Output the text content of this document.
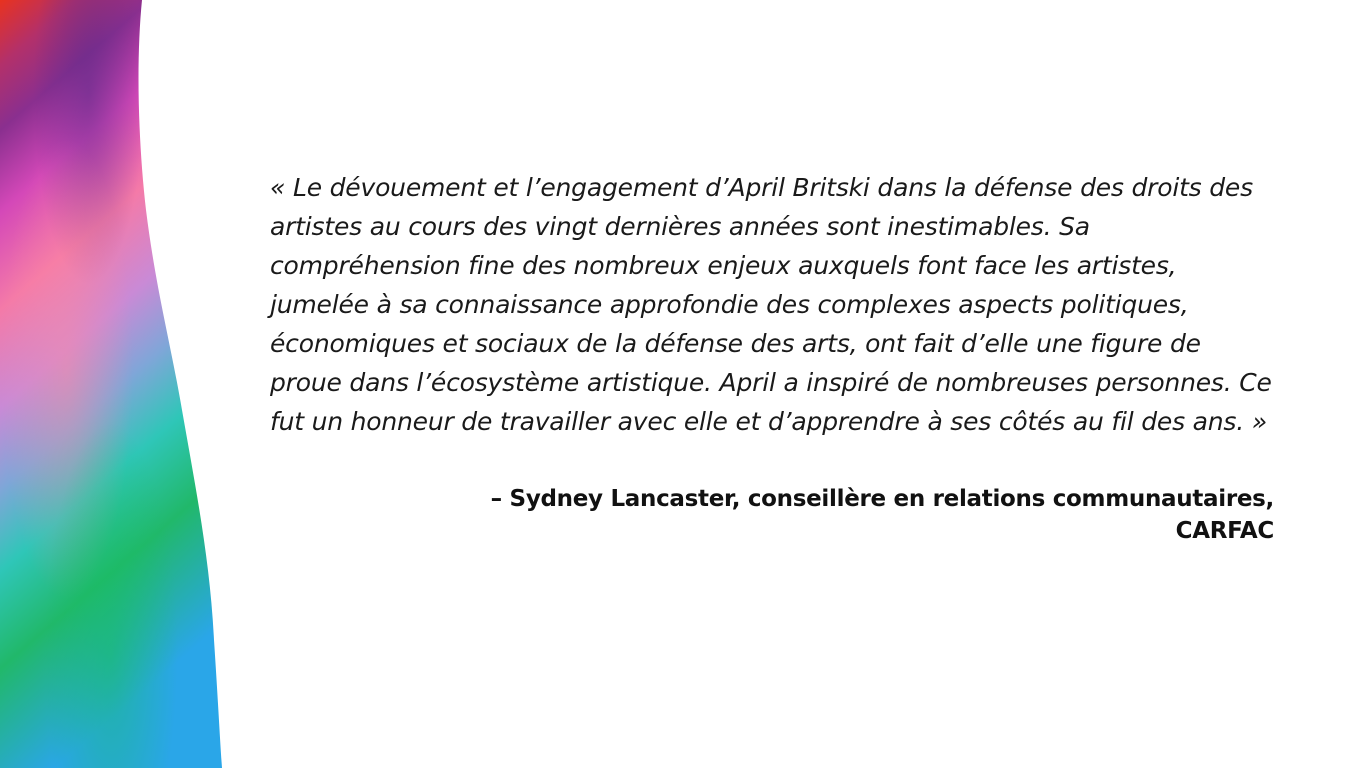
« Le dévouement et l’engagement d’April Britski dans la défense des droits des artistes au cours des vingt dernières années sont inestimables. Sa compréhension fine des nombreux enjeux auxquels font face les artistes, jumelée à sa connaissance approfondie des complexes aspects politiques, économiques et sociaux de la défense des arts, ont fait d’elle une figure de proue dans l’écosystème artistique. April a inspiré de nombreuses personnes. Ce fut un honneur de travailler avec elle et d’apprendre à ses côtés au fil des ans. »

– Sydney Lancaster, conseillère en relations communautaires,
CARFAC
